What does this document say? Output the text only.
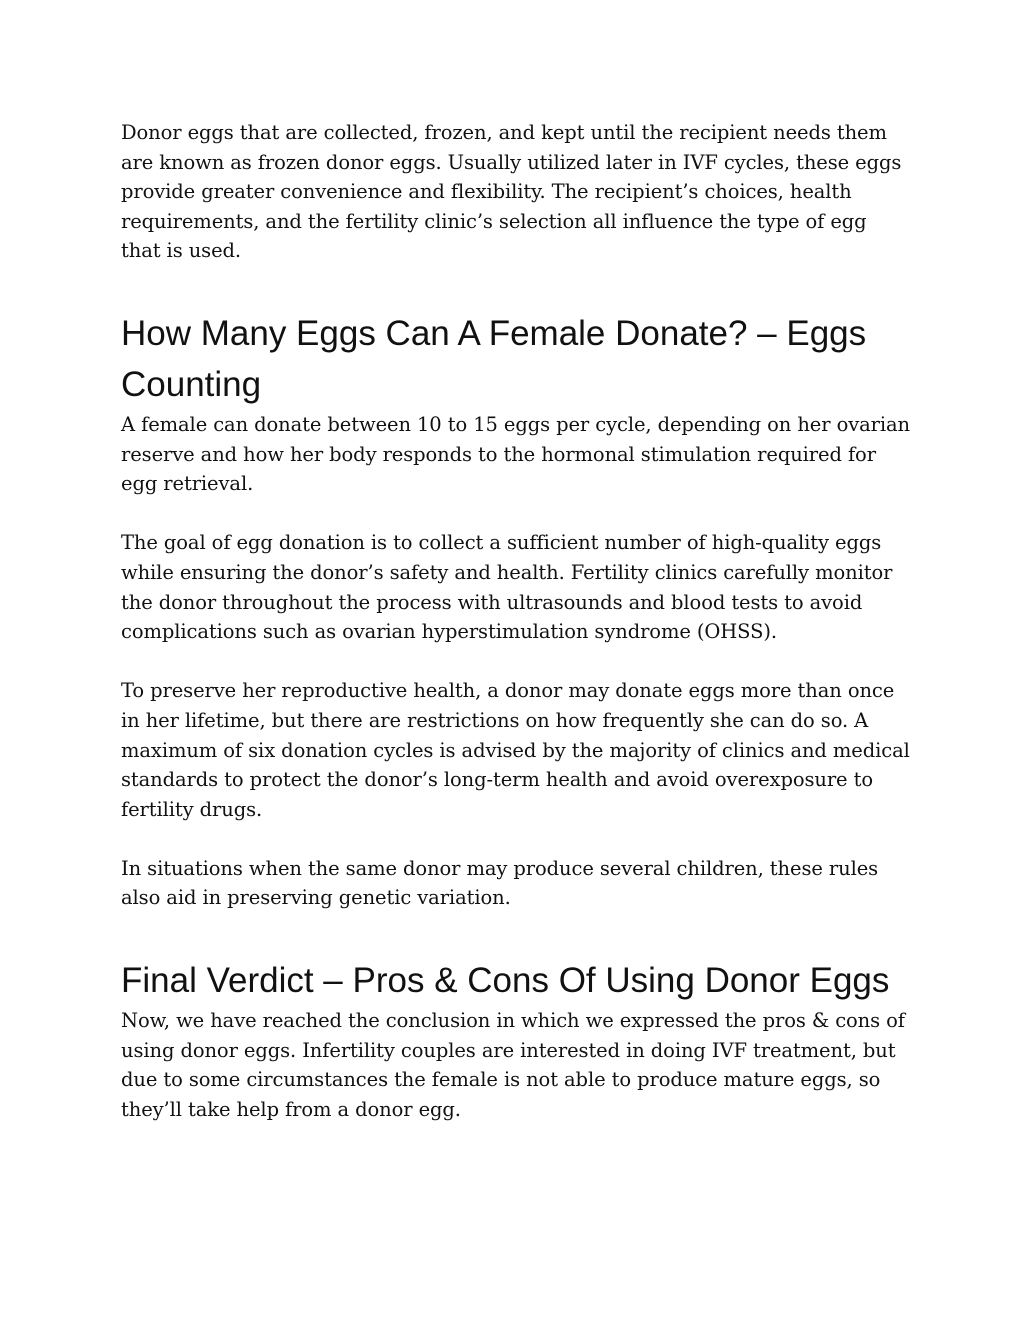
Donor eggs that are collected, frozen, and kept until the recipient needs them are known as frozen donor eggs. Usually utilized later in IVF cycles, these eggs provide greater convenience and flexibility. The recipient’s choices, health requirements, and the fertility clinic’s selection all influence the type of egg that is used.

How Many Eggs Can A Female Donate? – Eggs Counting

A female can donate between 10 to 15 eggs per cycle, depending on her ovarian reserve and how her body responds to the hormonal stimulation required for egg retrieval.

The goal of egg donation is to collect a sufficient number of high-quality eggs while ensuring the donor’s safety and health. Fertility clinics carefully monitor the donor throughout the process with ultrasounds and blood tests to avoid complications such as ovarian hyperstimulation syndrome (OHSS).

To preserve her reproductive health, a donor may donate eggs more than once in her lifetime, but there are restrictions on how frequently she can do so. A maximum of six donation cycles is advised by the majority of clinics and medical standards to protect the donor’s long-term health and avoid overexposure to fertility drugs.

In situations when the same donor may produce several children, these rules also aid in preserving genetic variation.

Final Verdict – Pros & Cons Of Using Donor Eggs

Now, we have reached the conclusion in which we expressed the pros & cons of using donor eggs. Infertility couples are interested in doing IVF treatment, but due to some circumstances the female is not able to produce mature eggs, so they’ll take help from a donor egg.
